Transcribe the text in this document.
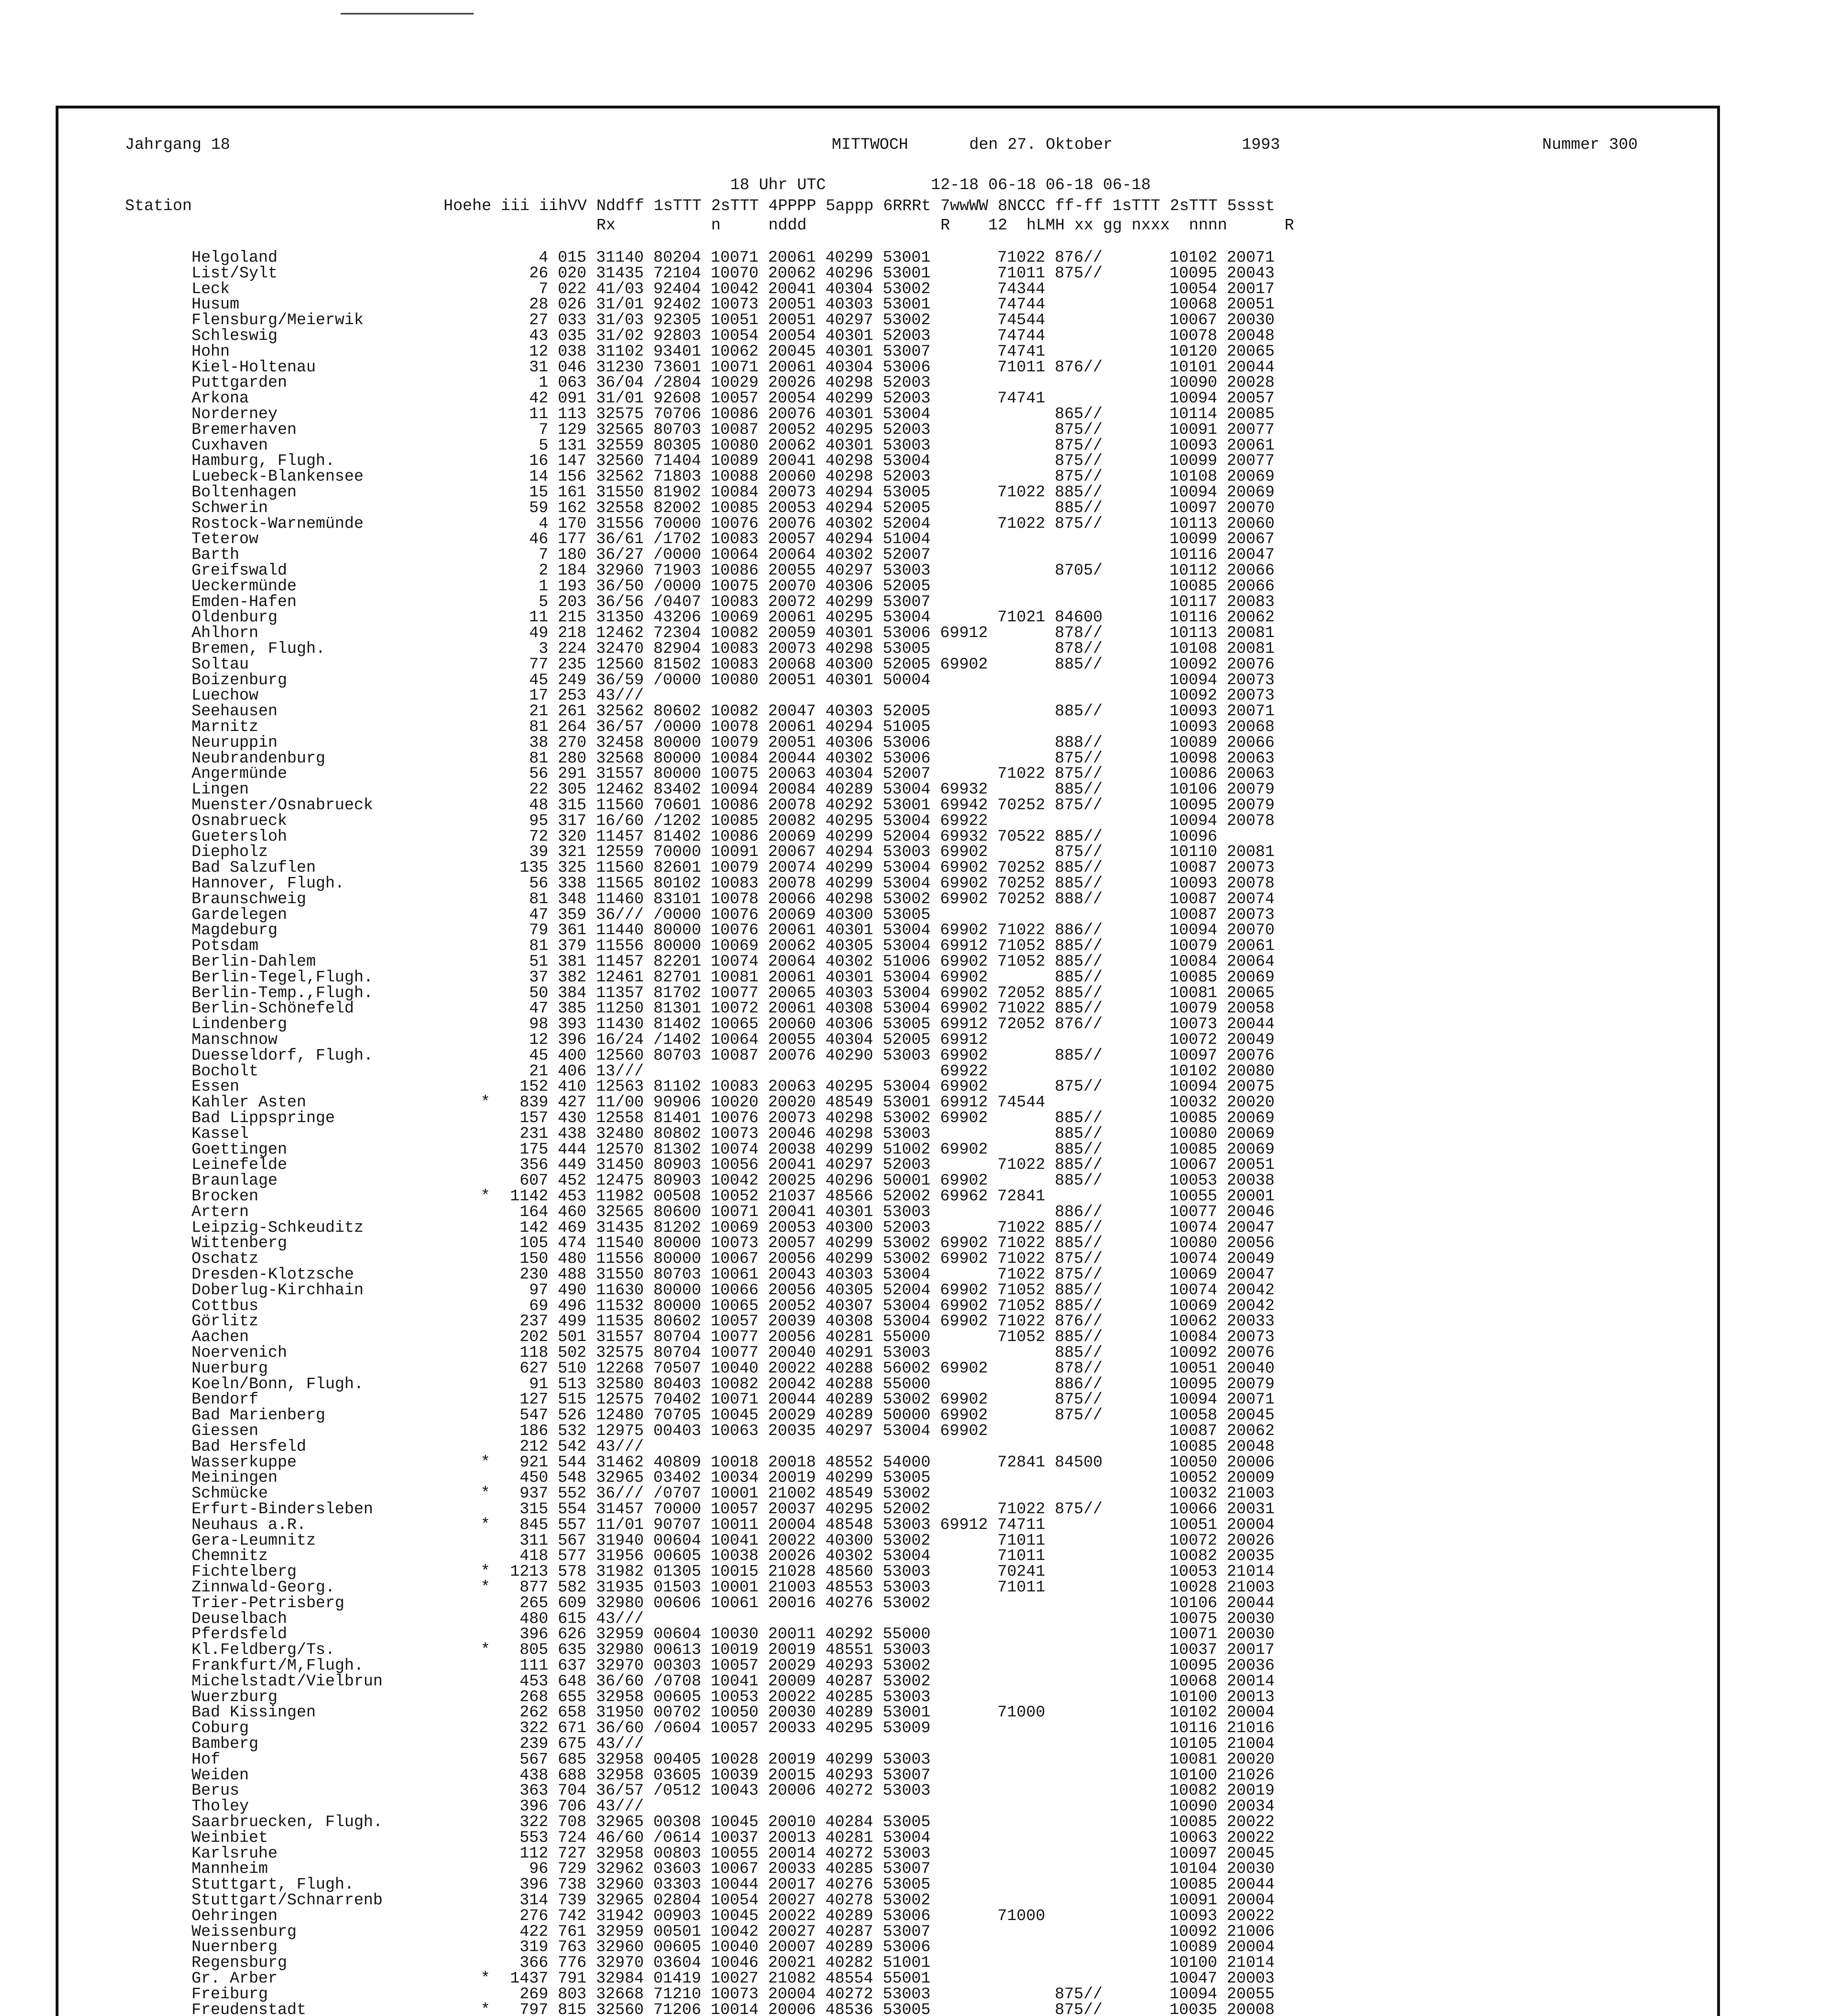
Jahrgang 18	MITTWOCH	den 27. Oktober	1993	Nummer 300
18 Uhr UTC           12-18 06-18 06-18 06-18
Station	Hoehe iii iihVV Nddff 1sTTT 2sTTT 4PPPP 5appp 6RRRt 7wwWW 8NCCC ff-ff 1sTTT 2sTTT 5ssst
Rx          n     nddd              R    12  hLMH xx gg nxxx  nnnn      R
Helgoland	4 015 31140 80204 10071 20061 40299 53001       71022 876//       10102 20071
List/Sylt	26 020 31435 72104 10070 20062 40296 53001       71011 875//       10095 20043
Leck	7 022 41/03 92404 10042 20041 40304 53002       74344             10054 20017
Husum	28 026 31/01 92402 10073 20051 40303 53001       74744             10068 20051
Flensburg/Meierwik	27 033 31/03 92305 10051 20051 40297 53002       74544             10067 20030
Schleswig	43 035 31/02 92803 10054 20054 40301 52003       74744             10078 20048
Hohn	12 038 31102 93401 10062 20045 40301 53007       74741             10120 20065
Kiel-Holtenau	31 046 31230 73601 10071 20061 40304 53006       71011 876//       10101 20044
Puttgarden	1 063 36/04 /2804 10029 20026 40298 52003                         10090 20028
Arkona	42 091 31/01 92608 10057 20054 40299 52003       74741             10094 20057
Norderney	11 113 32575 70706 10086 20076 40301 53004             865//       10114 20085
Bremerhaven	7 129 32565 80703 10087 20052 40295 52003             875//       10091 20077
Cuxhaven	5 131 32559 80305 10080 20062 40301 53003             875//       10093 20061
Hamburg, Flugh.	16 147 32560 71404 10089 20041 40298 53004             875//       10099 20077
Luebeck-Blankensee	14 156 32562 71803 10088 20060 40298 52003             875//       10108 20069
Boltenhagen	15 161 31550 81902 10084 20073 40294 53005       71022 885//       10094 20069
Schwerin	59 162 32558 82002 10085 20053 40294 52005             885//       10097 20070
Rostock-Warnemünde	4 170 31556 70000 10076 20076 40302 52004       71022 875//       10113 20060
Teterow	46 177 36/61 /1702 10083 20057 40294 51004                         10099 20067
Barth	7 180 36/27 /0000 10064 20064 40302 52007                         10116 20047
Greifswald	2 184 32960 71903 10086 20055 40297 53003             8705/       10112 20066
Ueckermünde	1 193 36/50 /0000 10075 20070 40306 52005                         10085 20066
Emden-Hafen	5 203 36/56 /0407 10083 20072 40299 53007                         10117 20083
Oldenburg	11 215 31350 43206 10069 20061 40295 53004       71021 84600       10116 20062
Ahlhorn	49 218 12462 72304 10082 20059 40301 53006 69912       878//       10113 20081
Bremen, Flugh.	3 224 32470 82904 10083 20073 40298 53005             878//       10108 20081
Soltau	77 235 12560 81502 10083 20068 40300 52005 69902       885//       10092 20076
Boizenburg	45 249 36/59 /0000 10080 20051 40301 50004                         10094 20073
Luechow	17 253 43///                                                       10092 20073
Seehausen	21 261 32562 80602 10082 20047 40303 52005             885//       10093 20071
Marnitz	81 264 36/57 /0000 10078 20061 40294 51005                         10093 20068
Neuruppin	38 270 32458 80000 10079 20051 40306 53006             888//       10089 20066
Neubrandenburg	81 280 32568 80000 10084 20044 40302 53006             875//       10098 20063
Angermünde	56 291 31557 80000 10075 20063 40304 52007       71022 875//       10086 20063
Lingen	22 305 12462 83402 10094 20084 40289 53004 69932       885//       10106 20079
Muenster/Osnabrueck	48 315 11560 70601 10086 20078 40292 53001 69942 70252 875//       10095 20079
Osnabrueck	95 317 16/60 /1202 10085 20082 40295 53004 69922                   10094 20078
Guetersloh	72 320 11457 81402 10086 20069 40299 52004 69932 70522 885//       10096
Diepholz	39 321 12559 70000 10091 20067 40294 53003 69902       875//       10110 20081
Bad Salzuflen	135 325 11560 82601 10079 20074 40299 53004 69902 70252 885//       10087 20073
Hannover, Flugh.	56 338 11565 80102 10083 20078 40299 53004 69902 70252 885//       10093 20078
Braunschweig	81 348 11460 83101 10078 20066 40298 53002 69902 70252 888//       10087 20074
Gardelegen	47 359 36/// /0000 10076 20069 40300 53005                         10087 20073
Magdeburg	79 361 11440 80000 10076 20061 40301 53004 69902 71022 886//       10094 20070
Potsdam	81 379 11556 80000 10069 20062 40305 53004 69912 71052 885//       10079 20061
Berlin-Dahlem	51 381 11457 82201 10074 20064 40302 51006 69902 71052 885//       10084 20064
Berlin-Tegel,Flugh.	37 382 12461 82701 10081 20061 40301 53004 69902       885//       10085 20069
Berlin-Temp.,Flugh.	50 384 11357 81702 10077 20065 40303 53004 69902 72052 885//       10081 20065
Berlin-Schönefeld	47 385 11250 81301 10072 20061 40308 53004 69902 71022 885//       10079 20058
Lindenberg	98 393 11430 81402 10065 20060 40306 53005 69912 72052 876//       10073 20044
Manschnow	12 396 16/24 /1402 10064 20055 40304 52005 69912                   10072 20049
Duesseldorf, Flugh.	45 400 12560 80703 10087 20076 40290 53003 69902       885//       10097 20076
Bocholt	21 406 13///                               69922                   10102 20080
Essen	152 410 12563 81102 10083 20063 40295 53004 69902       875//       10094 20075
Kahler Asten	* 839 427 11/00 90906 10020 20020 48549 53001 69912 74544             10032 20020
Bad Lippspringe	157 430 12558 81401 10076 20073 40298 53002 69902       885//       10085 20069
Kassel	231 438 32480 80802 10073 20046 40298 53003             885//       10080 20069
Goettingen	175 444 12570 81302 10074 20038 40299 51002 69902       885//       10085 20069
Leinefelde	356 449 31450 80903 10056 20041 40297 52003       71022 885//       10067 20051
Braunlage	607 452 12475 80903 10042 20025 40296 50001 69902       885//       10053 20038
Brocken	* 1142 453 11982 00508 10052 21037 48566 52002 69962 72841             10055 20001
Artern	164 460 32565 80600 10071 20041 40301 53003             886//       10077 20046
Leipzig-Schkeuditz	142 469 31435 81202 10069 20053 40300 52003       71022 885//       10074 20047
Wittenberg	105 474 11540 80000 10073 20057 40299 53002 69902 71022 885//       10080 20056
Oschatz	150 480 11556 80000 10067 20056 40299 53002 69902 71022 875//       10074 20049
Dresden-Klotzsche	230 488 31550 80703 10061 20043 40303 53004       71022 875//       10069 20047
Doberlug-Kirchhain	97 490 11630 80000 10066 20056 40305 52004 69902 71052 885//       10074 20042
Cottbus	69 496 11532 80000 10065 20052 40307 53004 69902 71052 885//       10069 20042
Görlitz	237 499 11535 80602 10057 20039 40308 53004 69902 71022 876//       10062 20033
Aachen	202 501 31557 80704 10077 20056 40281 55000       71052 885//       10084 20073
Noervenich	118 502 32575 80704 10077 20040 40291 53003             885//       10092 20076
Nuerburg	627 510 12268 70507 10040 20022 40288 56002 69902       878//       10051 20040
Koeln/Bonn, Flugh.	91 513 32580 80403 10082 20042 40288 55000             886//       10095 20079
Bendorf	127 515 12575 70402 10071 20044 40289 53002 69902       875//       10094 20071
Bad Marienberg	547 526 12480 70705 10045 20029 40289 50000 69902       875//       10058 20045
Giessen	186 532 12975 00403 10063 20035 40297 53004 69902                   10087 20062
Bad Hersfeld	212 542 43///                                                       10085 20048
Wasserkuppe	* 921 544 31462 40809 10018 20018 48552 54000       72841 84500       10050 20006
Meiningen	450 548 32965 03402 10034 20019 40299 53005                         10052 20009
Schmücke	* 937 552 36/// /0707 10001 21002 48549 53002                         10032 21003
Erfurt-Bindersleben	315 554 31457 70000 10057 20037 40295 52002       71022 875//       10066 20031
Neuhaus a.R.	* 845 557 11/01 90707 10011 20004 48548 53003 69912 74711             10051 20004
Gera-Leumnitz	311 567 31940 00604 10041 20022 40300 53002       71011             10072 20026
Chemnitz	418 577 31956 00605 10038 20026 40302 53004       71011             10082 20035
Fichtelberg	* 1213 578 31982 01305 10015 21028 48560 53003       70241             10053 21014
Zinnwald-Georg.	* 877 582 31935 01503 10001 21003 48553 53003       71011             10028 21003
Trier-Petrisberg	265 609 32980 00606 10061 20016 40276 53002                         10106 20044
Deuselbach	480 615 43///                                                       10075 20030
Pferdsfeld	396 626 32959 00604 10030 20011 40292 55000                         10071 20030
Kl.Feldberg/Ts.	* 805 635 32980 00613 10019 20019 48551 53003                         10037 20017
Frankfurt/M,Flugh.	111 637 32970 00303 10057 20029 40293 53002                         10095 20036
Michelstadt/Vielbrun	453 648 36/60 /0708 10041 20009 40287 53002                         10068 20014
Wuerzburg	268 655 32958 00605 10053 20022 40285 53003                         10100 20013
Bad Kissingen	262 658 31950 00702 10050 20030 40289 53001       71000             10102 20004
Coburg	322 671 36/60 /0604 10057 20033 40295 53009                         10116 21016
Bamberg	239 675 43///                                                       10105 21004
Hof	567 685 32958 00405 10028 20019 40299 53003                         10081 20020
Weiden	438 688 32958 03605 10039 20015 40293 53007                         10100 21026
Berus	363 704 36/57 /0512 10043 20006 40272 53003                         10082 20019
Tholey	396 706 43///                                                       10090 20034
Saarbruecken, Flugh.	322 708 32965 00308 10045 20010 40284 53005                         10085 20022
Weinbiet	553 724 46/60 /0614 10037 20013 40281 53004                         10063 20022
Karlsruhe	112 727 32958 00803 10055 20014 40272 53003                         10097 20045
Mannheim	96 729 32962 03603 10067 20033 40285 53007                         10104 20030
Stuttgart, Flugh.	396 738 32960 03303 10044 20017 40276 53005                         10085 20044
Stuttgart/Schnarrenb	314 739 32965 02804 10054 20027 40278 53002                         10091 20004
Oehringen	276 742 31942 00903 10045 20022 40289 53006       71000             10093 20022
Weissenburg	422 761 32959 00501 10042 20027 40287 53007                         10092 21006
Nuernberg	319 763 32960 00605 10040 20007 40289 53006                         10089 20004
Regensburg	366 776 32970 03604 10046 20021 40282 51001                         10100 21014
Gr. Arber	* 1437 791 32984 01419 10027 21082 48554 55001                         10047 20003
Freiburg	269 803 32668 71210 10073 20004 40272 53003             875//       10094 20055
Freudenstadt	* 797 815 32560 71206 10014 20006 48536 53005             875//       10035 20008
